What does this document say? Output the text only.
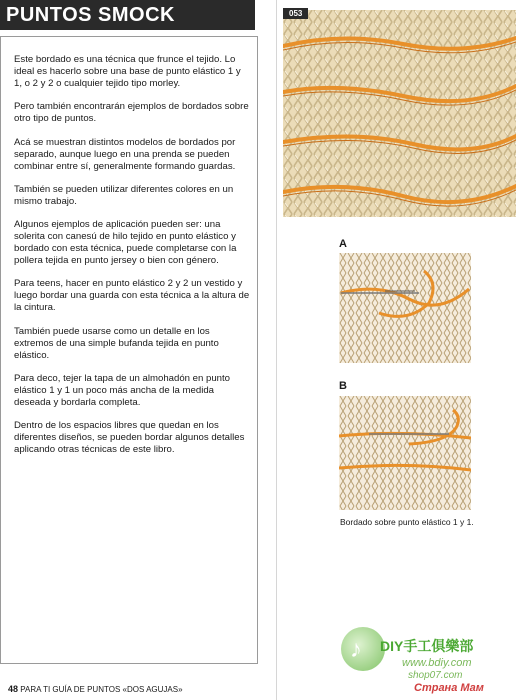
PUNTOS SMOCK

Este bordado es una técnica que frunce el tejido. Lo ideal es hacerlo sobre una base de punto elástico 1 y 1, o 2 y 2 o cualquier tejido tipo morley.

Pero también encontrarán ejemplos de bordados sobre otro tipo de puntos.

Acá se muestran distintos modelos de bordados por separado, aunque luego en una prenda se pueden combinar entre sí, generalmente formando guardas.

También se pueden utilizar diferentes colores en un mismo trabajo.

Algunos ejemplos de aplicación pueden ser: una solerita con canesú de hilo tejido en punto elástico y bordado con esta técnica, puede completarse con la pollera tejida en punto jersey o bien con género.

Para teens, hacer en punto elástico 2 y 2 un vestido y luego bordar una guarda con esta técnica a la altura de la cintura.

También puede usarse como un detalle en los extremos de una simple bufanda tejida en punto elástico.

Para deco, tejer la tapa de un almohadón en punto elástico 1 y 1 un poco más ancha de la medida deseada y bordarla completa.

Dentro de los espacios libres que quedan en los diferentes diseños, se pueden bordar algunos detalles aplicando otras técnicas de este libro.

053
A
B
Bordado sobre punto elástico 1 y 1.
48 PARA TI GUÍA DE PUNTOS «DOS AGUJAS»
♪ DIY手工俱樂部
www.bdiy.com
shop07.com
Страна Мам
